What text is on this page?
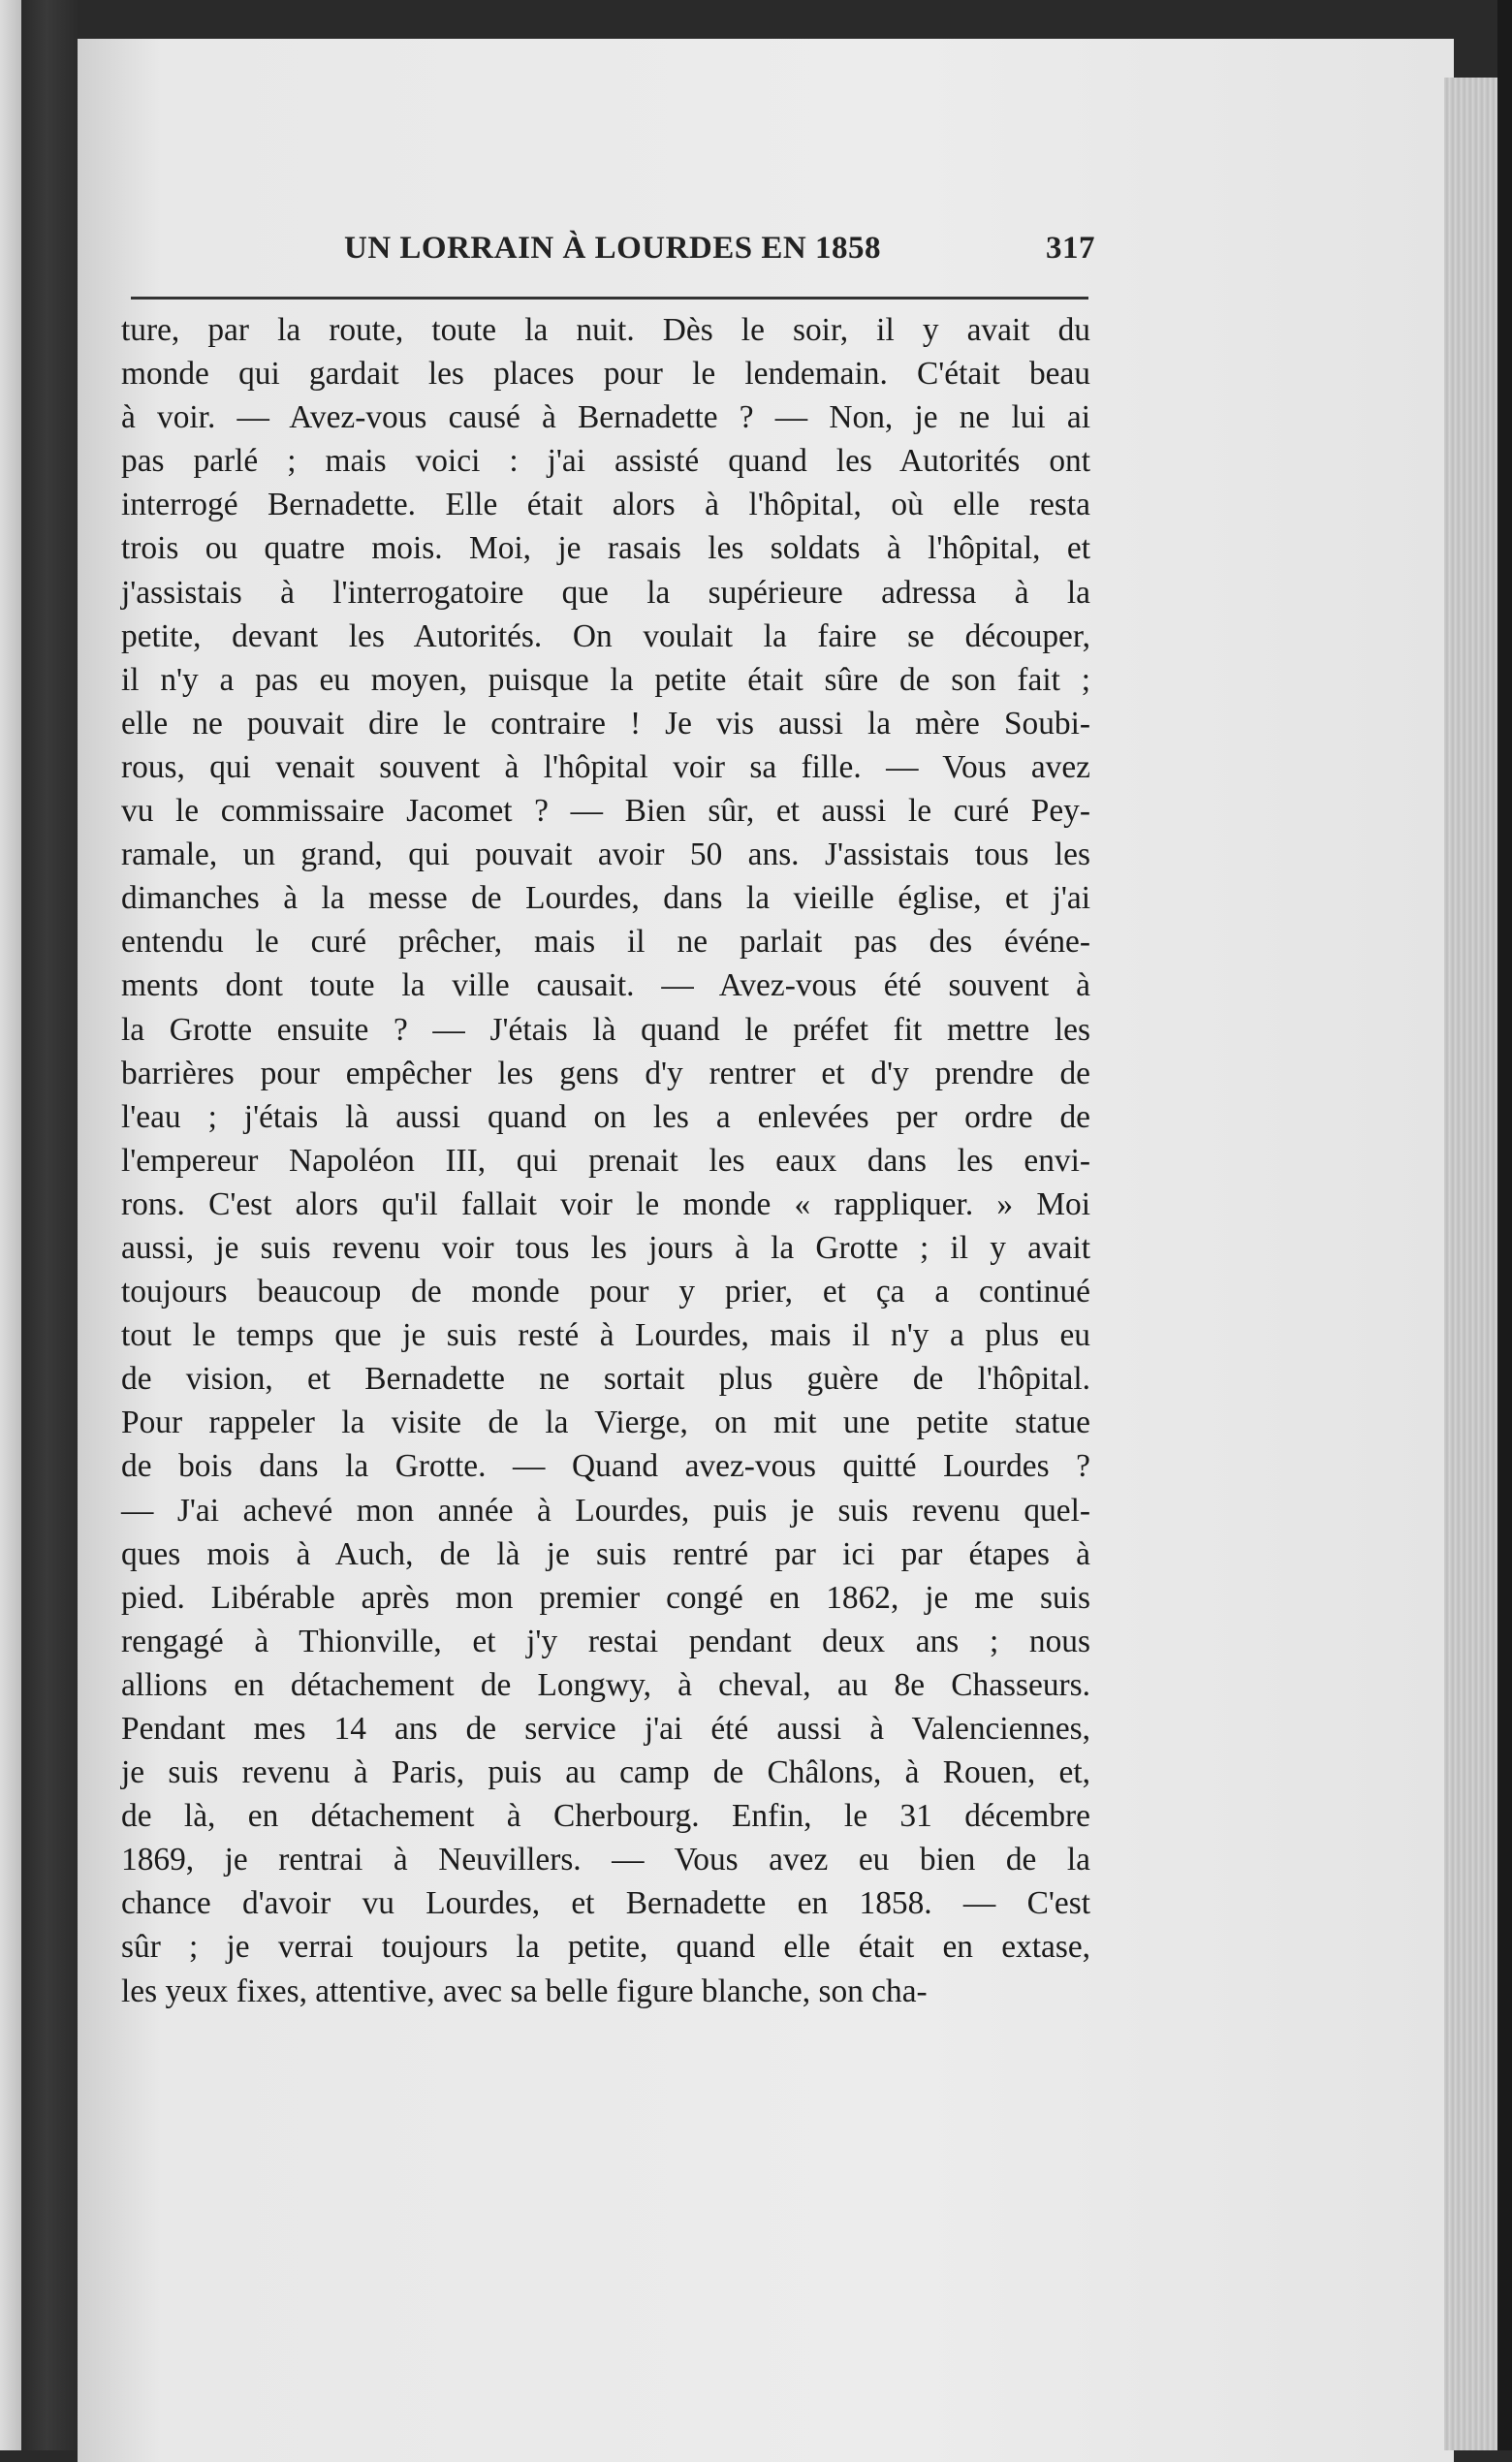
UN LORRAIN À LOURDES EN 1858	317
ture, par la route, toute la nuit. Dès le soir, il y avait du
monde qui gardait les places pour le lendemain. C'était beau
à voir. — Avez-vous causé à Bernadette ? — Non, je ne lui ai
pas parlé ; mais voici : j'ai assisté quand les Autorités ont
interrogé Bernadette. Elle était alors à l'hôpital, où elle resta
trois ou quatre mois. Moi, je rasais les soldats à l'hôpital, et
j'assistais à l'interrogatoire que la supérieure adressa à la
petite, devant les Autorités. On voulait la faire se découper,
il n'y a pas eu moyen, puisque la petite était sûre de son fait ;
elle ne pouvait dire le contraire ! Je vis aussi la mère Soubi-
rous, qui venait souvent à l'hôpital voir sa fille. — Vous avez
vu le commissaire Jacomet ? — Bien sûr, et aussi le curé Pey-
ramale, un grand, qui pouvait avoir 50 ans. J'assistais tous les
dimanches à la messe de Lourdes, dans la vieille église, et j'ai
entendu le curé prêcher, mais il ne parlait pas des événe-
ments dont toute la ville causait. — Avez-vous été souvent à
la Grotte ensuite ? — J'étais là quand le préfet fit mettre les
barrières pour empêcher les gens d'y rentrer et d'y prendre de
l'eau ; j'étais là aussi quand on les a enlevées per ordre de
l'empereur Napoléon III, qui prenait les eaux dans les envi-
rons. C'est alors qu'il fallait voir le monde « rappliquer. » Moi
aussi, je suis revenu voir tous les jours à la Grotte ; il y avait
toujours beaucoup de monde pour y prier, et ça a continué
tout le temps que je suis resté à Lourdes, mais il n'y a plus eu
de vision, et Bernadette ne sortait plus guère de l'hôpital.
Pour rappeler la visite de la Vierge, on mit une petite statue
de bois dans la Grotte. — Quand avez-vous quitté Lourdes ?
— J'ai achevé mon année à Lourdes, puis je suis revenu quel-
ques mois à Auch, de là je suis rentré par ici par étapes à
pied. Libérable après mon premier congé en 1862, je me suis
rengagé à Thionville, et j'y restai pendant deux ans ; nous
allions en détachement de Longwy, à cheval, au 8e Chasseurs.
Pendant mes 14 ans de service j'ai été aussi à Valenciennes,
je suis revenu à Paris, puis au camp de Châlons, à Rouen, et,
de là, en détachement à Cherbourg. Enfin, le 31 décembre
1869, je rentrai à Neuvillers. — Vous avez eu bien de la
chance d'avoir vu Lourdes, et Bernadette en 1858. — C'est
sûr ; je verrai toujours la petite, quand elle était en extase,
les yeux fixes, attentive, avec sa belle figure blanche, son cha-
